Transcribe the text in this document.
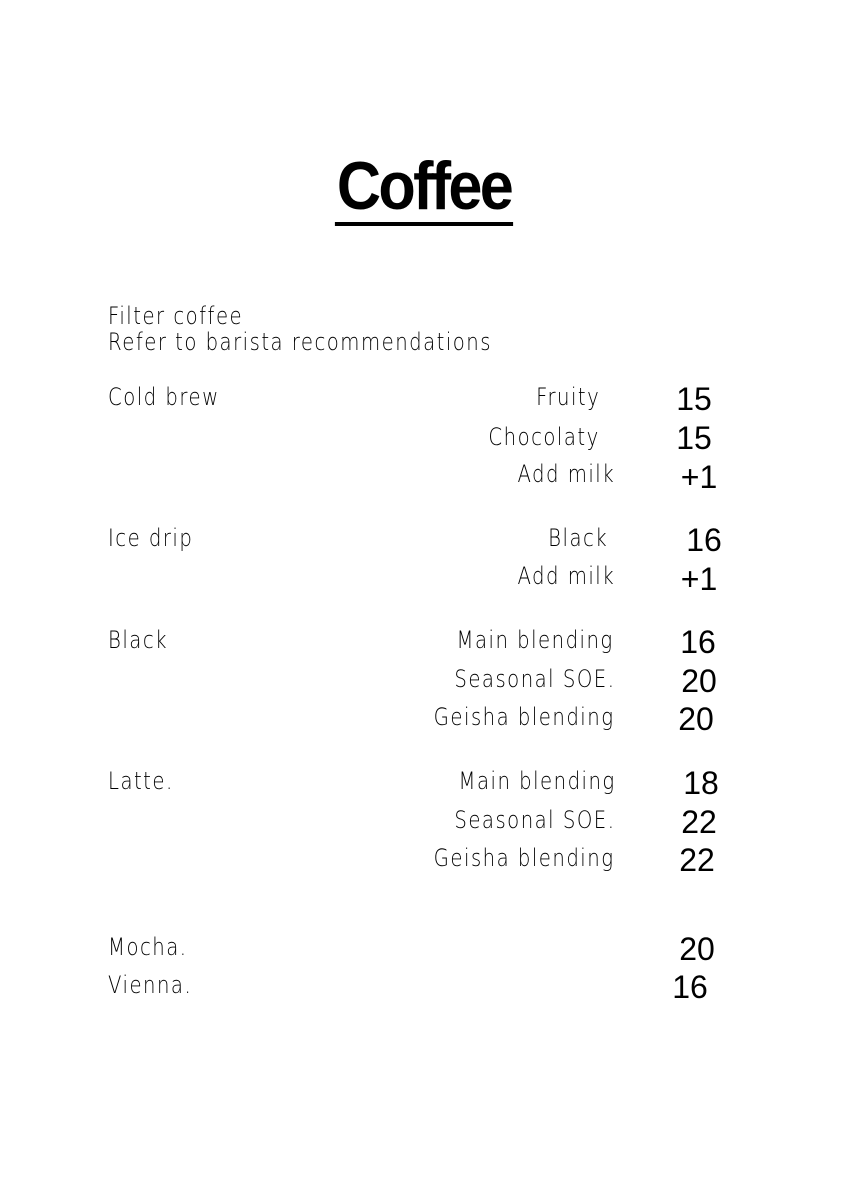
Coffee
Filter coffee
Refer to barista recommendations
Cold brew	Fruity	15
Chocolaty	15
Add milk	+1
Ice drip	Black	16
Add milk	+1
Black	Main blending	16
Seasonal SOE.	20
Geisha blending	20
Latte.	Main blending	18
Seasonal SOE.	22
Geisha blending	22
Mocha.	20
Vienna.	16
